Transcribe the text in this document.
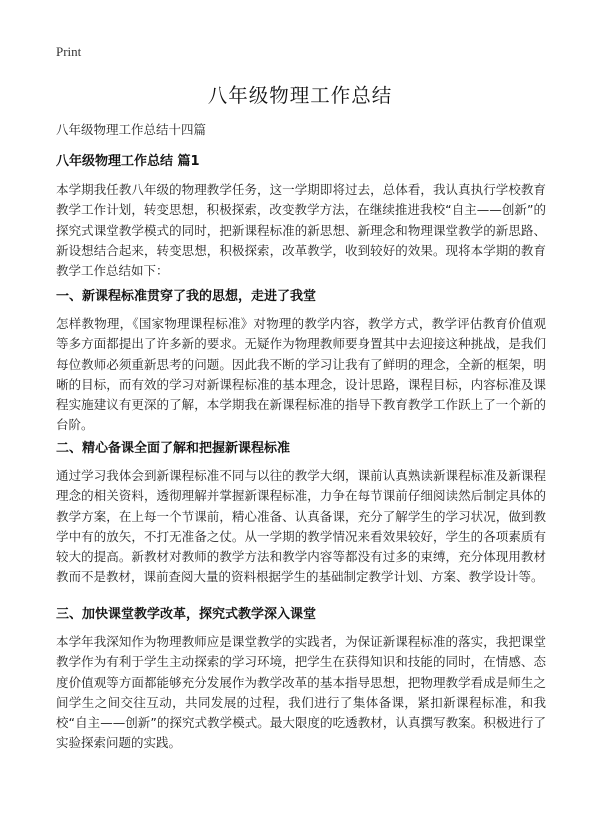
Print
八年级物理工作总结
八年级物理工作总结十四篇
八年级物理工作总结 篇1

本学期我任教八年级的物理教学任务，这一学期即将过去，总体看，我认真执行学校教育教学工作计划，转变思想，积极探索，改变教学方法，在继续推进我校“自主——创新”的探究式课堂教学模式的同时，把新课程标准的新思想、新理念和物理课堂教学的新思路、新设想结合起来，转变思想，积极探索，改革教学，收到较好的效果。现将本学期的教育教学工作总结如下：

一、新课程标准贯穿了我的思想，走进了我堂

怎样教物理，《国家物理课程标准》对物理的教学内容，教学方式，教学评估教育价值观等多方面都提出了许多新的要求。无疑作为物理教师要身置其中去迎接这种挑战，是我们每位教师必须重新思考的问题。因此我不断的学习让我有了鲜明的理念，全新的框架，明晰的目标，而有效的学习对新课程标准的基本理念，设计思路，课程目标，内容标准及课程实施建议有更深的了解，本学期我在新课程标准的指导下教育教学工作跃上了一个新的台阶。

二、精心备课全面了解和把握新课程标准

通过学习我体会到新课程标准不同与以往的教学大纲，课前认真熟读新课程标准及新课程理念的相关资料，透彻理解并掌握新课程标准，力争在每节课前仔细阅读然后制定具体的教学方案，在上每一个节课前，精心准备、认真备课，充分了解学生的学习状况，做到教学中有的放矢，不打无准备之仗。从一学期的教学情况来看效果较好，学生的各项素质有较大的提高。新教材对教师的教学方法和教学内容等都没有过多的束缚，充分体现用教材教而不是教材，课前查阅大量的资料根据学生的基础制定教学计划、方案、教学设计等。

三、加快课堂教学改革，探究式教学深入课堂

本学年我深知作为物理教师应是课堂教学的实践者，为保证新课程标准的落实，我把课堂教学作为有利于学生主动探索的学习环境，把学生在获得知识和技能的同时，在情感、态度价值观等方面都能够充分发展作为教学改革的基本指导思想，把物理教学看成是师生之间学生之间交往互动，共同发展的过程，我们进行了集体备课，紧扣新课程标准，和我校“自主——创新”的探究式教学模式。最大限度的吃透教材，认真撰写教案。积极进行了实验探索问题的实践。
